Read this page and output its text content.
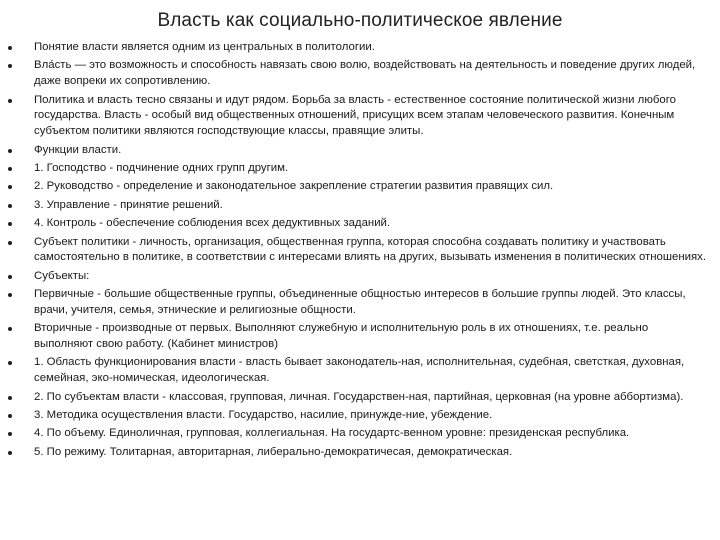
Власть как социально-политическое явление
Понятие власти является одним из центральных в политологии.
Вла́сть — это возможность и способность навязать свою волю, воздействовать на деятельность и поведение других людей, даже вопреки их сопротивлению.
Политика и власть тесно связаны и идут рядом. Борьба за власть - естественное состояние политической жизни любого государства. Власть - особый вид общественных отношений, присущих всем этапам человеческого развития. Конечным субъектом политики являются господствующие классы, правящие элиты.
Функции власти.
1. Господство - подчинение одних групп другим.
2. Руководство - определение и законодательное закрепление стратегии развития правящих сил.
3. Управление - принятие решений.
4. Контроль - обеспечение соблюдения всех дедуктивных заданий.
Субъект политики - личность, организация, общественная группа, которая способна создавать политику и участвовать самостоятельно в политике, в соответствии с интересами влиять на других, вызывать изменения в политических отношениях.
Субъекты:
Первичные - большие общественные группы, объединенные общностью интересов в большие группы людей. Это классы, врачи, учителя, семья, этнические и религиозные общности.
Вторичные - производные от первых. Выполняют служебную и исполнительную роль в их отношениях, т.е. реально выполняют свою работу. (Кабинет министров)
1. Область функционирования власти - власть бывает законодатель-ная, исполнительная, судебная, светсткая, духовная, семейная, эко-номическая, идеологическая.
2. По субъектам власти - классовая, групповая, личная. Государствен-ная, партийная, церковная (на уровне аббортизма).
3. Методика осуществления власти. Государство, насилие, принужде-ние, убеждение.
4. По объему. Единоличная, групповая, коллегиальная. На государтс-венном уровне: президенская республика.
5. По режиму. Толитарная, авторитарная, либерально-демократичесая, демократическая.
